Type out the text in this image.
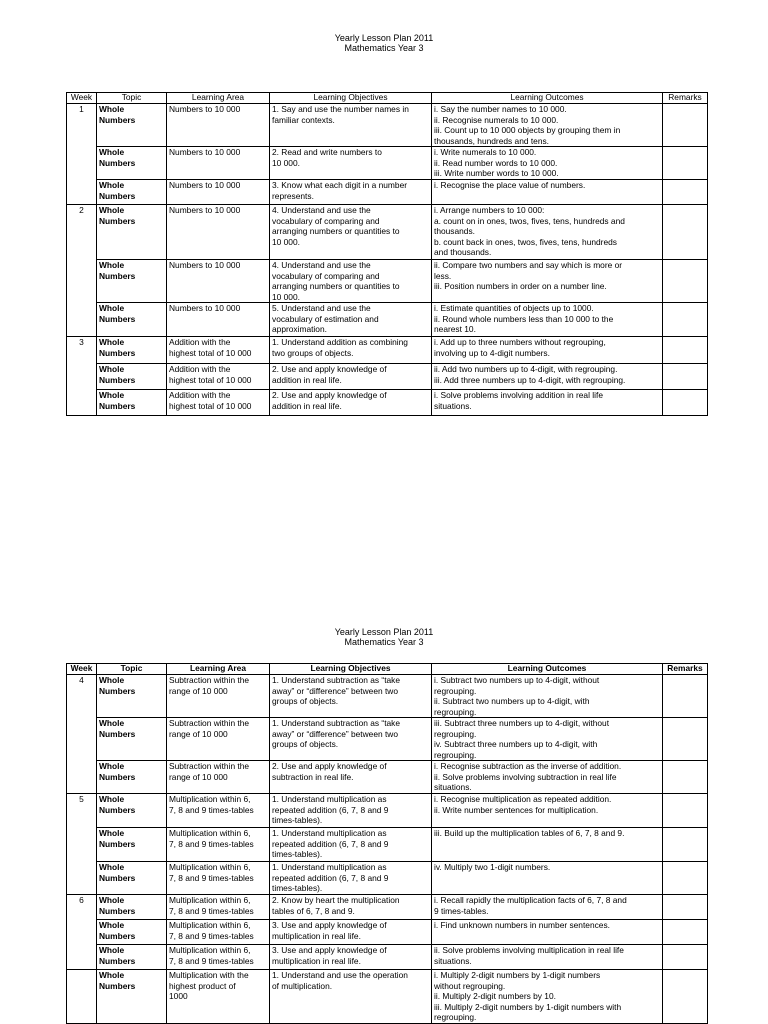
Yearly Lesson Plan 2011
Mathematics Year 3
Week	Topic	Learning Area	Learning Objectives	Learning Outcomes	Remarks
1	Whole
Numbers	Numbers to 10 000	1. Say and use the number names in
familiar contexts.	i. Say the number names to 10 000.
ii. Recognise numerals to 10 000.
iii. Count up to 10 000 objects by grouping them in
thousands, hundreds and tens.	

	Whole
Numbers	Numbers to 10 000	2. Read and write numbers to
10 000.	i. Write numerals to 10 000.
ii. Read number words to 10 000.
iii. Write number words to 10 000.	

	Whole
Numbers	Numbers to 10 000	3. Know what each digit in a number
represents.	i. Recognise the place value of numbers.	

2	Whole
Numbers	Numbers to 10 000	4. Understand and use the
vocabulary of comparing and
arranging numbers or quantities to
10 000.	i. Arrange numbers to 10 000:
a. count on in ones, twos, fives, tens, hundreds and
thousands.
b. count back in ones, twos, fives, tens, hundreds
and thousands.	

	Whole
Numbers	Numbers to 10 000	4. Understand and use the
vocabulary of comparing and
arranging numbers or quantities to
10 000.	ii. Compare two numbers and say which is more or
less.
iii. Position numbers in order on a number line.	

	Whole
Numbers	Numbers to 10 000	5. Understand and use the
vocabulary of estimation and
approximation.	i. Estimate quantities of objects up to 1000.
ii. Round whole numbers less than 10 000 to the
nearest 10.	

3	Whole
Numbers	Addition with the
highest total of 10 000	1. Understand addition as combining
two groups of objects.	i. Add up to three numbers without regrouping,
involving up to 4-digit numbers.	

	Whole
Numbers	Addition with the
highest total of 10 000	2. Use and apply knowledge of
addition in real life.	ii. Add two numbers up to 4-digit, with regrouping.
iii. Add three numbers up to 4-digit, with regrouping.	

	Whole
Numbers	Addition with the
highest total of 10 000	2. Use and apply knowledge of
addition in real life.	i. Solve problems involving addition in real life
situations.	

Yearly Lesson Plan 2011
Mathematics Year 3
Week	Topic	Learning Area	Learning Objectives	Learning Outcomes	Remarks
4	Whole
Numbers	Subtraction within the
range of 10 000	1. Understand subtraction as “take
away” or “difference” between two
groups of objects.	i. Subtract two numbers up to 4-digit, without
regrouping.
ii. Subtract two numbers up to 4-digit, with
regrouping.	

	Whole
Numbers	Subtraction within the
range of 10 000	1. Understand subtraction as “take
away” or “difference” between two
groups of objects.	iii. Subtract three numbers up to 4-digit, without
regrouping.
iv. Subtract three numbers up to 4-digit, with
regrouping.	

	Whole
Numbers	Subtraction within the
range of 10 000	2. Use and apply knowledge of
subtraction in real life.	i. Recognise subtraction as the inverse of addition.
ii. Solve problems involving subtraction in real life
situations.	

5	Whole
Numbers	Multiplication within 6,
7, 8 and 9 times-tables	1. Understand multiplication as
repeated addition (6, 7, 8 and 9
times-tables).	i. Recognise multiplication as repeated addition.
ii. Write number sentences for multiplication.	

	Whole
Numbers	Multiplication within 6,
7, 8 and 9 times-tables	1. Understand multiplication as
repeated addition (6, 7, 8 and 9
times-tables).	iii. Build up the multiplication tables of 6, 7, 8 and 9.	

	Whole
Numbers	Multiplication within 6,
7, 8 and 9 times-tables	1. Understand multiplication as
repeated addition (6, 7, 8 and 9
times-tables).	iv. Multiply two 1-digit numbers.	

6	Whole
Numbers	Multiplication within 6,
7, 8 and 9 times-tables	2. Know by heart the multiplication
tables of 6, 7, 8 and 9.	i. Recall rapidly the multiplication facts of 6, 7, 8 and
9 times-tables.	

	Whole
Numbers	Multiplication within 6,
7, 8 and 9 times-tables	3. Use and apply knowledge of
multiplication in real life.	i. Find unknown numbers in number sentences.	

	Whole
Numbers	Multiplication within 6,
7, 8 and 9 times-tables	3. Use and apply knowledge of
multiplication in real life.	ii. Solve problems involving multiplication in real life
situations.	

	Whole
Numbers	Multiplication with the
highest product of
1000	1. Understand and use the operation
of multiplication.	i. Multiply 2-digit numbers by 1-digit numbers
without regrouping.
ii. Multiply 2-digit numbers by 10.
iii. Multiply 2-digit numbers by 1-digit numbers with
regrouping.	
